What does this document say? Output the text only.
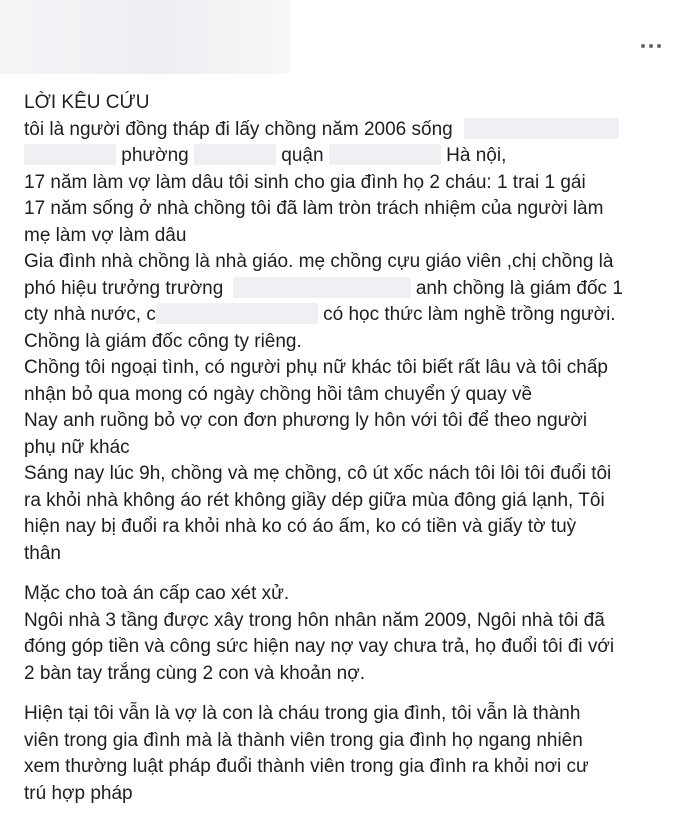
LỜI KÊU CỨU
tôi là người đồng tháp đi lấy chồng năm 2006 sống
phường	quận	Hà nội,
17 năm làm vợ làm dâu tôi sinh cho gia đình họ 2 cháu: 1 trai 1 gái
17 năm sống ở nhà chồng tôi đã làm tròn trách nhiệm của người làm
mẹ làm vợ làm dâu
Gia đình nhà chồng là nhà giáo. mẹ chồng cựu giáo viên ,chị chồng là
phó hiệu trưởng trường	anh chồng là giám đốc 1
cty nhà nước, c	có học thức làm nghề trồng người.
Chồng là giám đốc công ty riêng.
Chồng tôi ngoại tình, có người phụ nữ khác tôi biết rất lâu và tôi chấp
nhận bỏ qua mong có ngày chồng hồi tâm chuyển ý quay về
Nay anh ruồng bỏ vợ con đơn phương ly hôn với tôi để theo người
phụ nữ khác
Sáng nay lúc 9h, chồng và mẹ chồng, cô út xốc nách tôi lôi tôi đuổi tôi
ra khỏi nhà không áo rét không giầy dép giữa mùa đông giá lạnh, Tôi
hiện nay bị đuổi ra khỏi nhà ko có áo ấm, ko có tiền và giấy tờ tuỳ
thân
Mặc cho toà án cấp cao xét xử.
Ngôi nhà 3 tầng được xây trong hôn nhân năm 2009, Ngôi nhà tôi đã
đóng góp tiền và công sức hiện nay nợ vay chưa trả, họ đuổi tôi đi với
2 bàn tay trắng cùng 2 con và khoản nợ.
Hiện tại tôi vẫn là vợ là con là cháu trong gia đình, tôi vẫn là thành
viên trong gia đình mà là thành viên trong gia đình họ ngang nhiên
xem thường luật pháp đuổi thành viên trong gia đình ra khỏi nơi cư
trú hợp pháp
